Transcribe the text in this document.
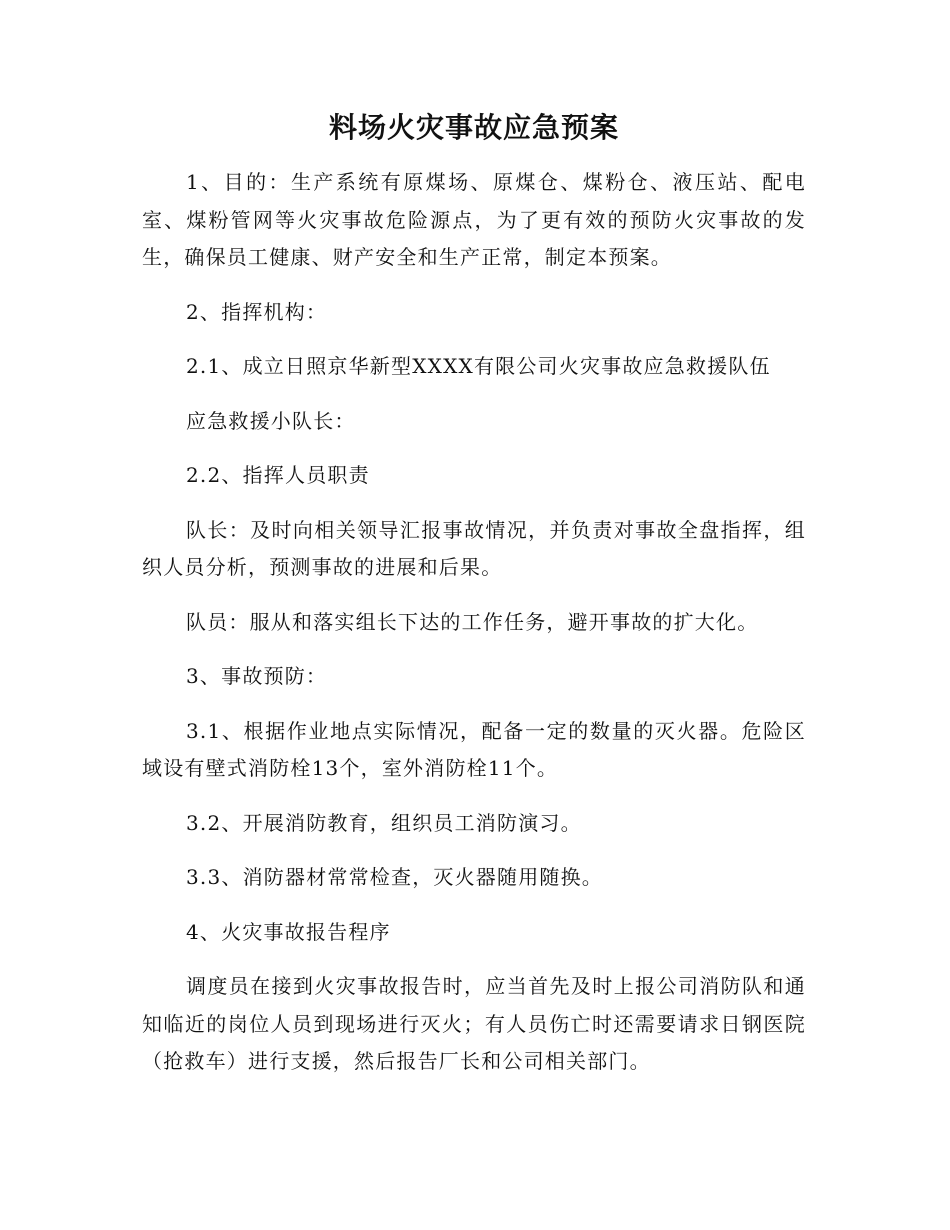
料场火灾事故应急预案

1、目的：生产系统有原煤场、原煤仓、煤粉仓、液压站、配电室、煤粉管网等火灾事故危险源点，为了更有效的预防火灾事故的发生，确保员工健康、财产安全和生产正常，制定本预案。

2、指挥机构：

2.1、成立日照京华新型XXXX有限公司火灾事故应急救援队伍

应急救援小队长：

2.2、指挥人员职责

队长：及时向相关领导汇报事故情况，并负责对事故全盘指挥，组织人员分析，预测事故的进展和后果。

队员：服从和落实组长下达的工作任务，避开事故的扩大化。

3、事故预防：

3.1、根据作业地点实际情况，配备一定的数量的灭火器。危险区域设有壁式消防栓13个，室外消防栓11个。

3.2、开展消防教育，组织员工消防演习。

3.3、消防器材常常检查，灭火器随用随换。

4、火灾事故报告程序

调度员在接到火灾事故报告时，应当首先及时上报公司消防队和通知临近的岗位人员到现场进行灭火；有人员伤亡时还需要请求日钢医院（抢救车）进行支援，然后报告厂长和公司相关部门。
